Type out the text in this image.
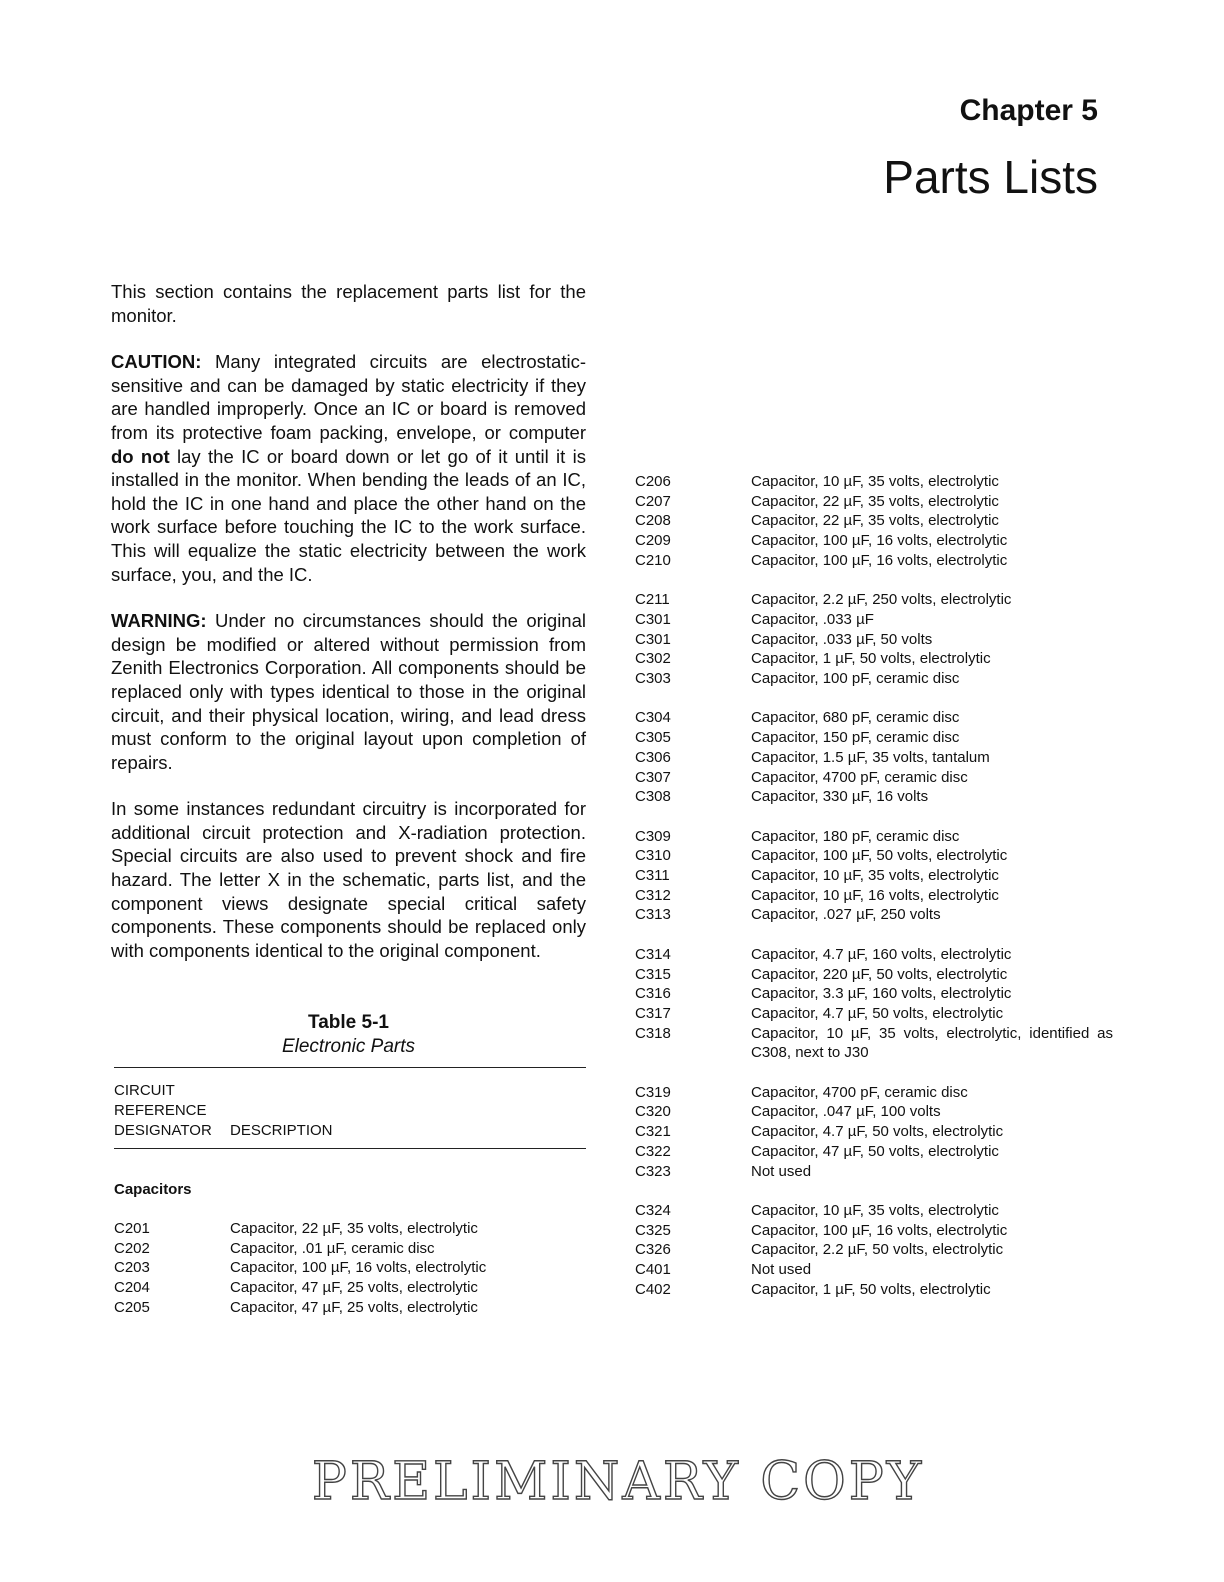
Chapter 5
Parts Lists

This section contains the replacement parts list for the monitor.

CAUTION: Many integrated circuits are electrostatic-sensitive and can be damaged by static electricity if they are handled improperly. Once an IC or board is removed from its protective foam packing, envelope, or computer do not lay the IC or board down or let go of it until it is installed in the monitor. When bending the leads of an IC, hold the IC in one hand and place the other hand on the work surface before touching the IC to the work surface. This will equalize the static electricity between the work surface, you, and the IC.

WARNING: Under no circumstances should the original design be modified or altered without permission from Zenith Electronics Corporation. All components should be replaced only with types identical to those in the original circuit, and their physical location, wiring, and lead dress must conform to the original layout upon completion of repairs.

In some instances redundant circuitry is incorporated for additional circuit protection and X-radiation protection. Special circuits are also used to prevent shock and fire hazard. The letter X in the schematic, parts list, and the component views designate special critical safety components. These components should be replaced only with components identical to the original component.

Table 5-1
Electronic Parts
CIRCUIT
REFERENCE
DESIGNATOR DESCRIPTION
Capacitors
C201	Capacitor, 22 µF, 35 volts, electrolytic
C202	Capacitor, .01 µF, ceramic disc
C203	Capacitor, 100 µF, 16 volts, electrolytic
C204	Capacitor, 47 µF, 25 volts, electrolytic
C205	Capacitor, 47 µF, 25 volts, electrolytic
C206	Capacitor, 10 µF, 35 volts, electrolytic
C207	Capacitor, 22 µF, 35 volts, electrolytic
C208	Capacitor, 22 µF, 35 volts, electrolytic
C209	Capacitor, 100 µF, 16 volts, electrolytic
C210	Capacitor, 100 µF, 16 volts, electrolytic
C211	Capacitor, 2.2 µF, 250 volts, electrolytic
C301	Capacitor, .033 µF
C301	Capacitor, .033 µF, 50 volts
C302	Capacitor, 1 µF, 50 volts, electrolytic
C303	Capacitor, 100 pF, ceramic disc
C304	Capacitor, 680 pF, ceramic disc
C305	Capacitor, 150 pF, ceramic disc
C306	Capacitor, 1.5 µF, 35 volts, tantalum
C307	Capacitor, 4700 pF, ceramic disc
C308	Capacitor, 330 µF, 16 volts
C309	Capacitor, 180 pF, ceramic disc
C310	Capacitor, 100 µF, 50 volts, electrolytic
C311	Capacitor, 10 µF, 35 volts, electrolytic
C312	Capacitor, 10 µF, 16 volts, electrolytic
C313	Capacitor, .027 µF, 250 volts
C314	Capacitor, 4.7 µF, 160 volts, electrolytic
C315	Capacitor, 220 µF, 50 volts, electrolytic
C316	Capacitor, 3.3 µF, 160 volts, electrolytic
C317	Capacitor, 4.7 µF, 50 volts, electrolytic
C318	Capacitor, 10 µF, 35 volts, electrolytic, identified as C308, next to J30
C319	Capacitor, 4700 pF, ceramic disc
C320	Capacitor, .047 µF, 100 volts
C321	Capacitor, 4.7 µF, 50 volts, electrolytic
C322	Capacitor, 47 µF, 50 volts, electrolytic
C323	Not used
C324	Capacitor, 10 µF, 35 volts, electrolytic
C325	Capacitor, 100 µF, 16 volts, electrolytic
C326	Capacitor, 2.2 µF, 50 volts, electrolytic
C401	Not used
C402	Capacitor, 1 µF, 50 volts, electrolytic
PRELIMINARY COPY
